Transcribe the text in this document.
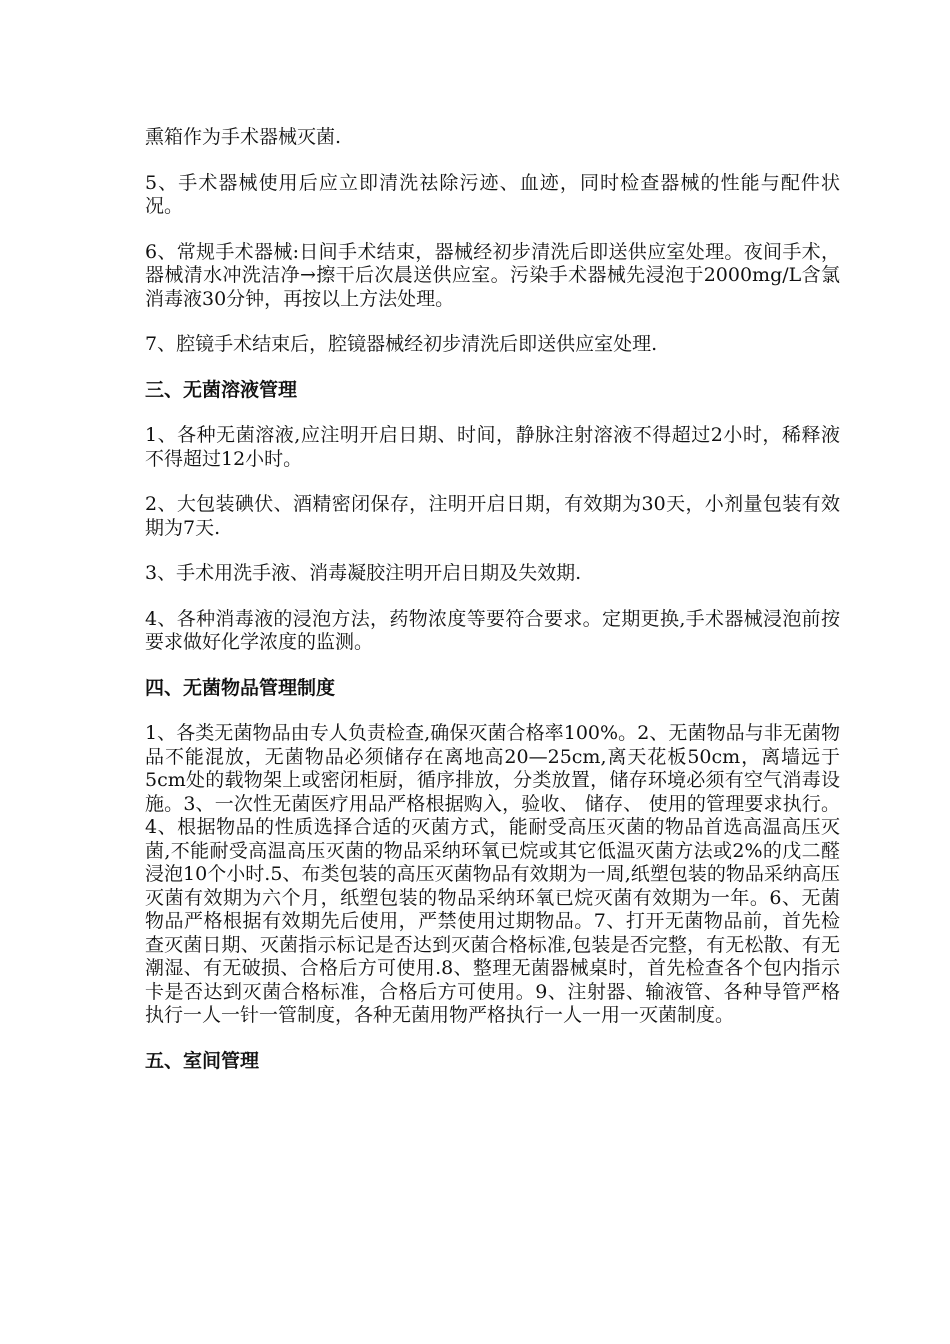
熏箱作为手术器械灭菌.

5、手术器械使用后应立即清洗祛除污迹、血迹，同时检查器械的性能与配件状况。

6、常规手术器械:日间手术结束，器械经初步清洗后即送供应室处理。夜间手术，器械清水冲洗洁净→擦干后次晨送供应室。污染手术器械先浸泡于2000mg/L含氯消毒液30分钟，再按以上方法处理。

7、腔镜手术结束后，腔镜器械经初步清洗后即送供应室处理.

三、无菌溶液管理

1、各种无菌溶液,应注明开启日期、时间，静脉注射溶液不得超过2小时，稀释液不得超过12小时。

2、大包装碘伏、酒精密闭保存，注明开启日期，有效期为30天，小剂量包装有效期为7天.

3、手术用洗手液、消毒凝胶注明开启日期及失效期.

4、各种消毒液的浸泡方法，药物浓度等要符合要求。定期更换,手术器械浸泡前按要求做好化学浓度的监测。

四、无菌物品管理制度

1、各类无菌物品由专人负责检查,确保灭菌合格率100%。2、无菌物品与非无菌物品不能混放，无菌物品必须储存在离地高20—25cm,离天花板50cm，离墙远于5cm处的载物架上或密闭柜厨，循序排放，分类放置，储存环境必须有空气消毒设施。3、一次性无菌医疗用品严格根据购入，验收、 储存、 使用的管理要求执行。4、根据物品的性质选择合适的灭菌方式，能耐受高压灭菌的物品首选高温高压灭菌,不能耐受高温高压灭菌的物品采纳环氧已烷或其它低温灭菌方法或2%的戊二醛浸泡10个小时.5、布类包装的高压灭菌物品有效期为一周,纸塑包装的物品采纳高压灭菌有效期为六个月，纸塑包装的物品采纳环氧已烷灭菌有效期为一年。6、无菌物品严格根据有效期先后使用，严禁使用过期物品。7、打开无菌物品前，首先检查灭菌日期、灭菌指示标记是否达到灭菌合格标准,包装是否完整，有无松散、有无潮湿、有无破损、合格后方可使用.8、整理无菌器械桌时，首先检查各个包内指示卡是否达到灭菌合格标准，合格后方可使用。9、注射器、输液管、各种导管严格执行一人一针一管制度，各种无菌用物严格执行一人一用一灭菌制度。

五、室间管理
